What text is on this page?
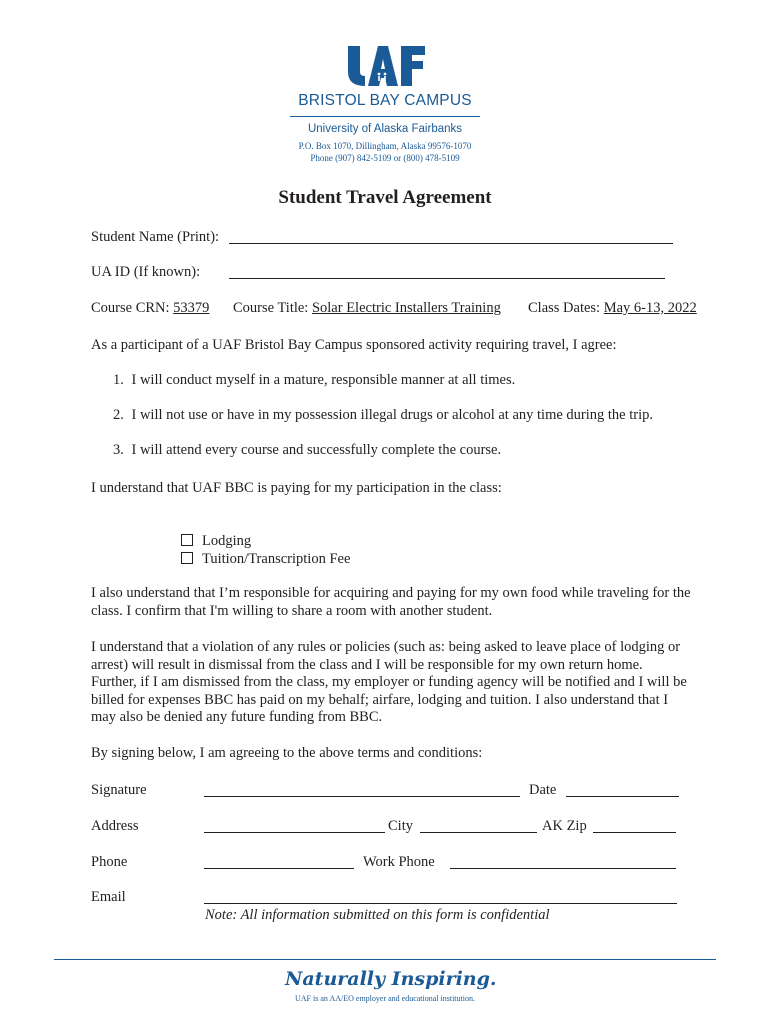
BRISTOL BAY CAMPUS
University of Alaska Fairbanks
P.O. Box 1070, Dillingham, Alaska 99576-1070
Phone (907) 842-5109 or (800) 478-5109
Student Travel Agreement
Student Name (Print):
UA ID (If known):
Course CRN: 53379 Course Title: Solar Electric Installers Training Class Dates: May 6-13, 2022
As a participant of a UAF Bristol Bay Campus sponsored activity requiring travel, I agree:
1. I will conduct myself in a mature, responsible manner at all times.
2. I will not use or have in my possession illegal drugs or alcohol at any time during the trip.
3. I will attend every course and successfully complete the course.
I understand that UAF BBC is paying for my participation in the class:
Lodging
Tuition/Transcription Fee
I also understand that I’m responsible for acquiring and paying for my own food while traveling for the class. I confirm that I'm willing to share a room with another student.
I understand that a violation of any rules or policies (such as: being asked to leave place of lodging or arrest) will result in dismissal from the class and I will be responsible for my own return home. Further, if I am dismissed from the class, my employer or funding agency will be notified and I will be billed for expenses BBC has paid on my behalf; airfare, lodging and tuition. I also understand that I may also be denied any future funding from BBC.
By signing below, I am agreeing to the above terms and conditions:
Signature	Date
Address	City	AK Zip
Phone	Work Phone
Email
Note: All information submitted on this form is confidential
Naturally Inspiring.
UAF is an AA/EO employer and educational institution.
